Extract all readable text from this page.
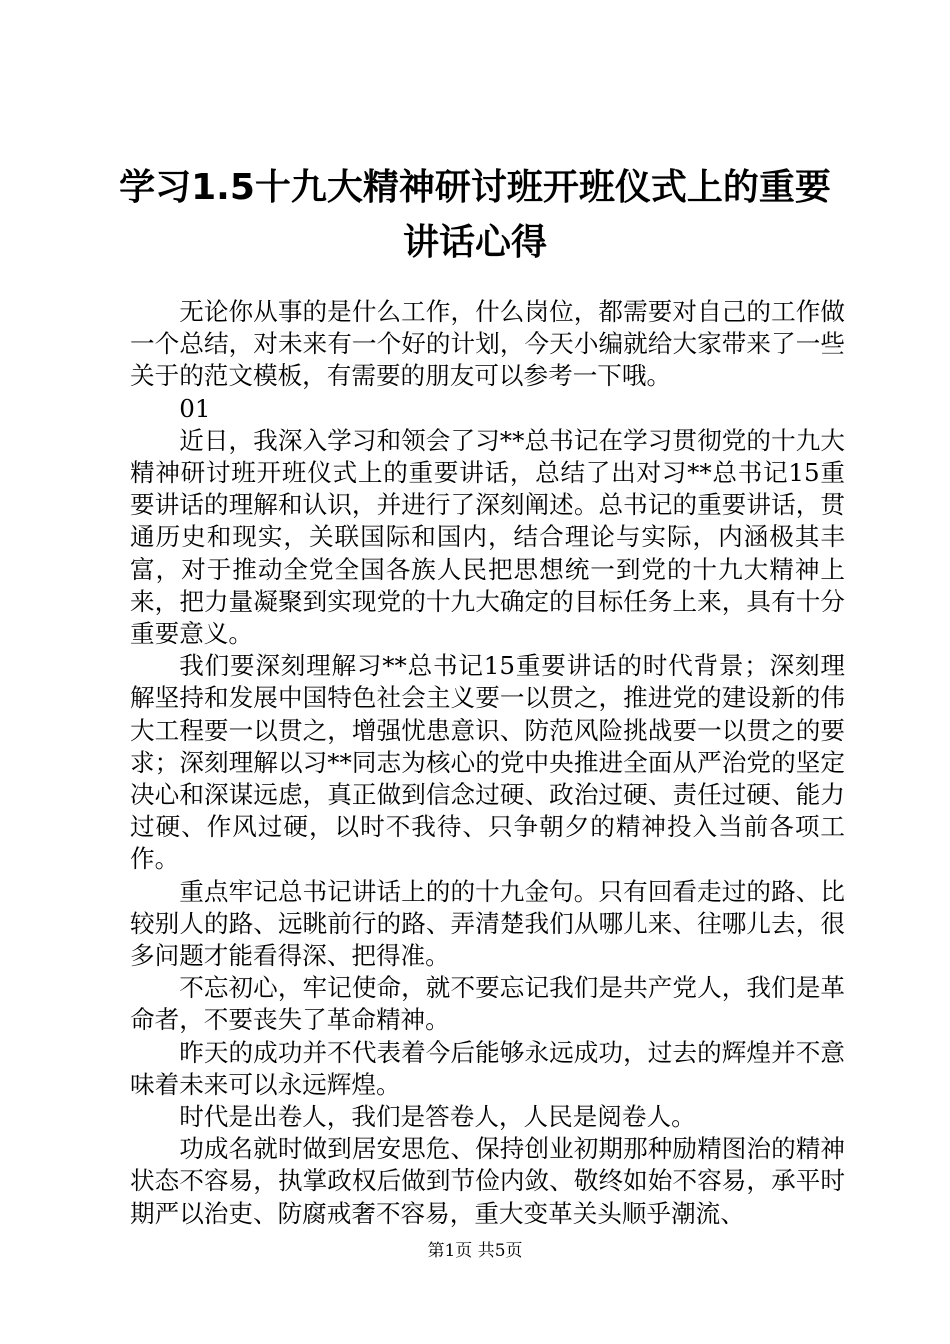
学习1.5十九大精神研讨班开班仪式上的重要讲话心得

无论你从事的是什么工作，什么岗位，都需要对自己的工作做一个总结，对未来有一个好的计划，今天小编就给大家带来了一些关于的范文模板，有需要的朋友可以参考一下哦。

01

近日，我深入学习和领会了习**总书记在学习贯彻党的十九大精神研讨班开班仪式上的重要讲话，总结了出对习**总书记15重要讲话的理解和认识，并进行了深刻阐述。总书记的重要讲话，贯通历史和现实，关联国际和国内，结合理论与实际，内涵极其丰富，对于推动全党全国各族人民把思想统一到党的十九大精神上来，把力量凝聚到实现党的十九大确定的目标任务上来，具有十分重要意义。

我们要深刻理解习**总书记15重要讲话的时代背景；深刻理解坚持和发展中国特色社会主义要一以贯之，推进党的建设新的伟大工程要一以贯之，增强忧患意识、防范风险挑战要一以贯之的要求；深刻理解以习**同志为核心的党中央推进全面从严治党的坚定决心和深谋远虑，真正做到信念过硬、政治过硬、责任过硬、能力过硬、作风过硬，以时不我待、只争朝夕的精神投入当前各项工作。

重点牢记总书记讲话上的的十九金句。只有回看走过的路、比较别人的路、远眺前行的路、弄清楚我们从哪儿来、往哪儿去，很多问题才能看得深、把得准。

不忘初心，牢记使命，就不要忘记我们是共产党人，我们是革命者，不要丧失了革命精神。

昨天的成功并不代表着今后能够永远成功，过去的辉煌并不意味着未来可以永远辉煌。

时代是出卷人，我们是答卷人，人民是阅卷人。

功成名就时做到居安思危、保持创业初期那种励精图治的精神状态不容易，执掌政权后做到节俭内敛、敬终如始不容易，承平时期严以治吏、防腐戒奢不容易，重大变革关头顺乎潮流、

第1页 共5页
